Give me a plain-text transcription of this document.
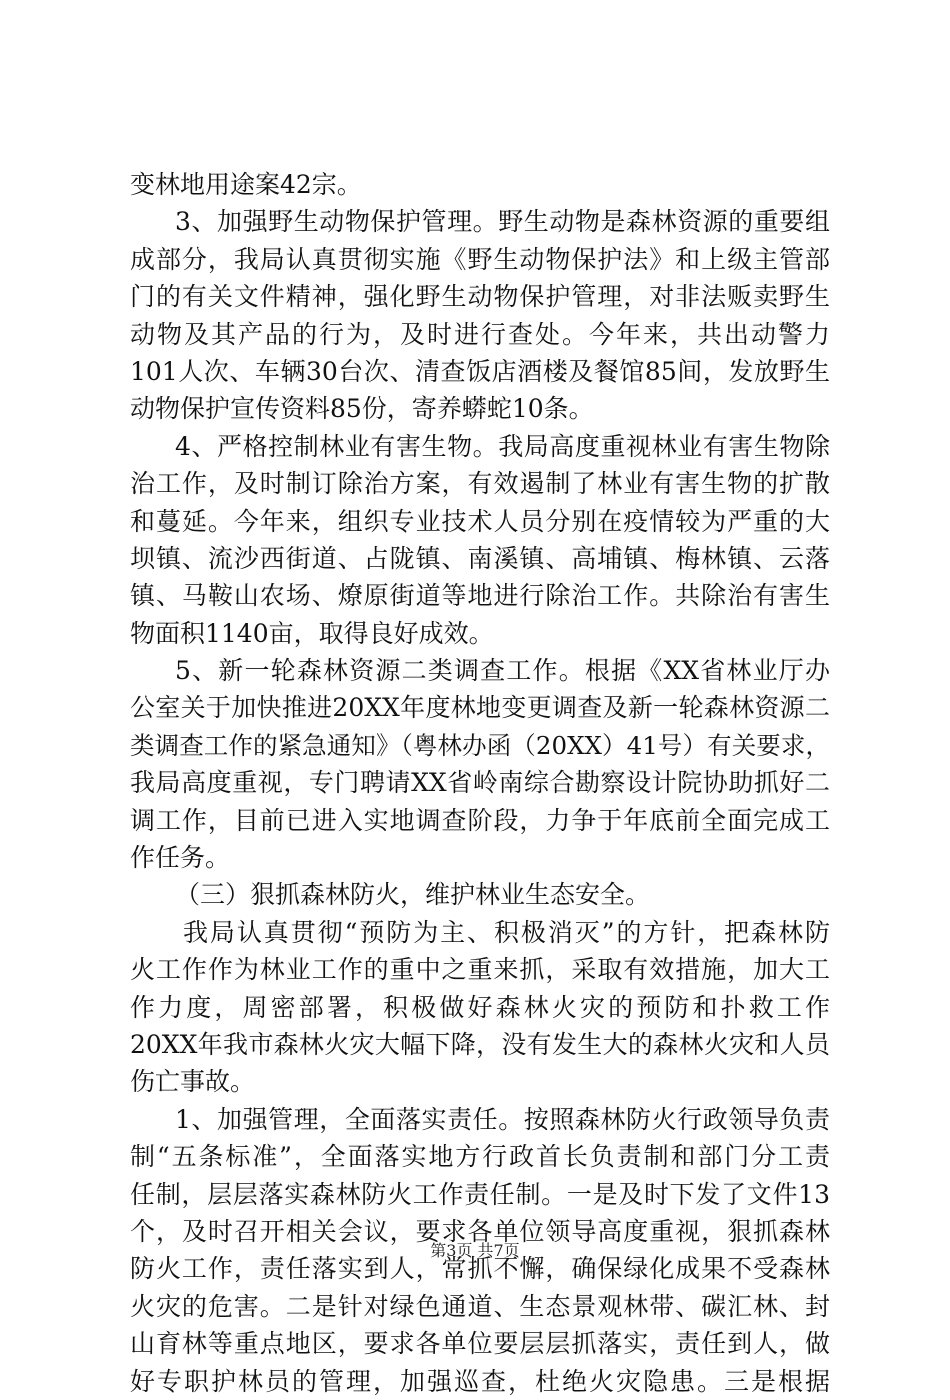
变林地用途案42宗。
3、加强野生动物保护管理。野生动物是森林资源的重要组
成部分，我局认真贯彻实施《野生动物保护法》和上级主管部
门的有关文件精神，强化野生动物保护管理，对非法贩卖野生
动物及其产品的行为，及时进行查处。今年来，共出动警力
101人次、车辆30台次、清查饭店酒楼及餐馆85间，发放野生
动物保护宣传资料85份，寄养蟒蛇10条。
4、严格控制林业有害生物。我局高度重视林业有害生物除
治工作，及时制订除治方案，有效遏制了林业有害生物的扩散
和蔓延。今年来，组织专业技术人员分别在疫情较为严重的大
坝镇、流沙西街道、占陇镇、南溪镇、高埔镇、梅林镇、云落
镇、马鞍山农场、燎原街道等地进行除治工作。共除治有害生
物面积1140亩，取得良好成效。
5、新一轮森林资源二类调查工作。根据《XX省林业厅办
公室关于加快推进20XX年度林地变更调查及新一轮森林资源二
类调查工作的紧急通知》（粤林办函（20XX）41号）有关要求，
我局高度重视，专门聘请XX省岭南综合勘察设计院协助抓好二
调工作，目前已进入实地调查阶段，力争于年底前全面完成工
作任务。
（三）狠抓森林防火，维护林业生态安全。
我局认真贯彻“预防为主、积极消灭”的方针，把森林防
火工作作为林业工作的重中之重来抓，采取有效措施，加大工
作力度，周密部署，积极做好森林火灾的预防和扑救工作
20XX年我市森林火灾大幅下降，没有发生大的森林火灾和人员
伤亡事故。
1、加强管理，全面落实责任。按照森林防火行政领导负责
制“五条标准”，全面落实地方行政首长负责制和部门分工责
任制，层层落实森林防火工作责任制。一是及时下发了文件13
个，及时召开相关会议，要求各单位领导高度重视，狠抓森林
防火工作，责任落实到人，常抓不懈，确保绿化成果不受森林
火灾的危害。二是针对绿色通道、生态景观林带、碳汇林、封
山育林等重点地区，要求各单位要层层抓落实，责任到人，做
好专职护林员的管理，加强巡查，杜绝火灾隐患。三是根据
第3页 共7页
